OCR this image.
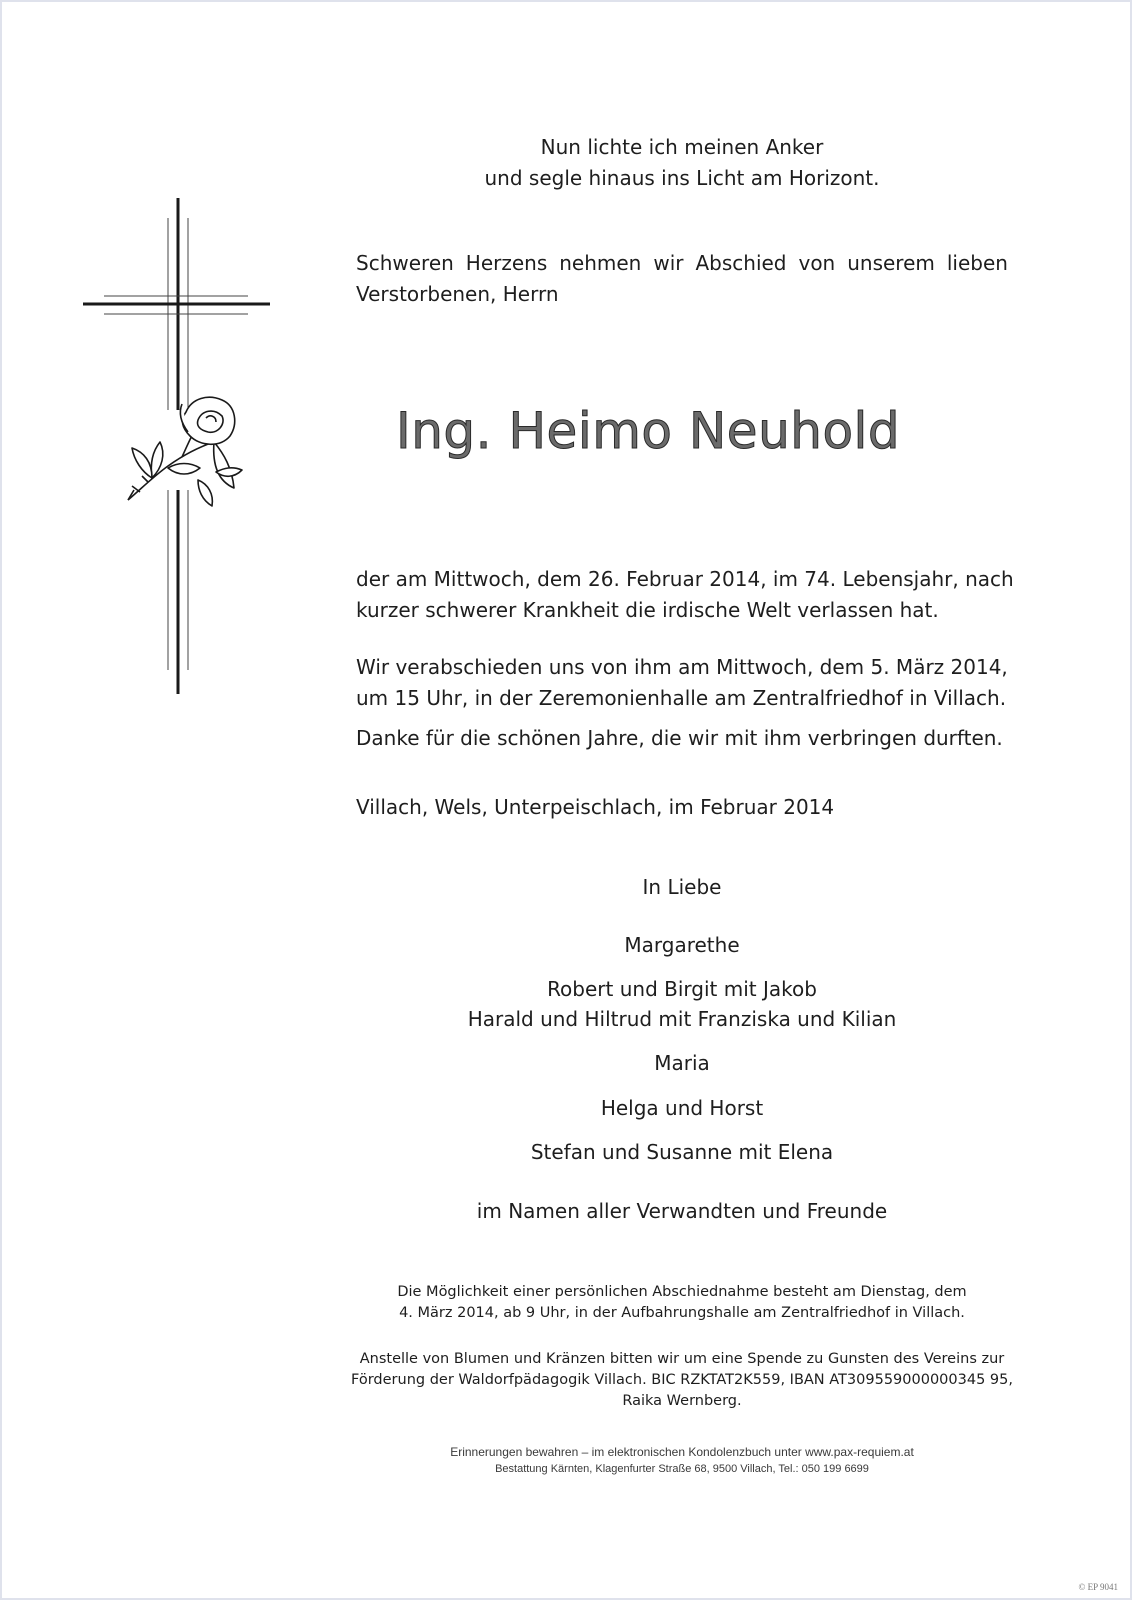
Nun lichte ich meinen Anker
und segle hinaus ins Licht am Horizont.
Schweren Herzens nehmen wir Abschied von unserem lieben
Verstorbenen, Herrn
Ing. Heimo Neuhold
der am Mittwoch, dem 26. Februar 2014, im 74. Lebensjahr, nach
kurzer schwerer Krankheit die irdische Welt verlassen hat.
Wir verabschieden uns von ihm am Mittwoch, dem 5. März 2014,
um 15 Uhr, in der Zeremonienhalle am Zentralfriedhof in Villach.
Danke für die schönen Jahre, die wir mit ihm verbringen durften.
Villach, Wels, Unterpeischlach, im Februar 2014
In Liebe
Margarethe
Robert und Birgit mit Jakob
Harald und Hiltrud mit Franziska und Kilian
Maria
Helga und Horst
Stefan und Susanne mit Elena
im Namen aller Verwandten und Freunde
Die Möglichkeit einer persönlichen Abschiednahme besteht am Dienstag, dem
4. März 2014, ab 9 Uhr, in der Aufbahrungshalle am Zentralfriedhof in Villach.
Anstelle von Blumen und Kränzen bitten wir um eine Spende zu Gunsten des Vereins zur
Förderung der Waldorfpädagogik Villach. BIC RZKTAT2K559, IBAN AT309559000000345 95,
Raika Wernberg.
Erinnerungen bewahren – im elektronischen Kondolenzbuch unter www.pax-requiem.at
Bestattung Kärnten, Klagenfurter Straße 68, 9500 Villach, Tel.: 050 199 6699
© EP 9041
